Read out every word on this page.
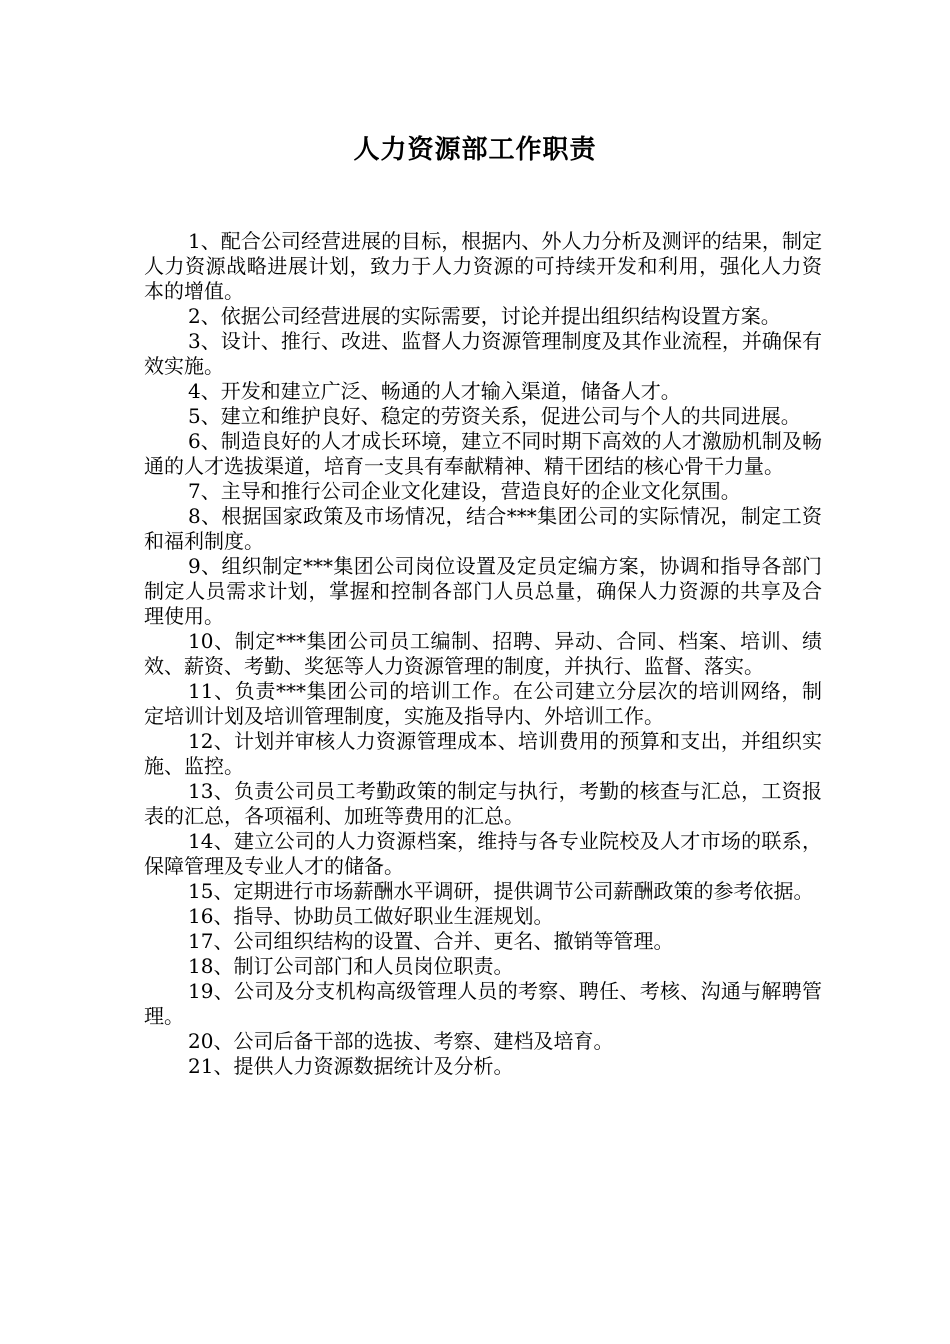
人力资源部工作职责

1、配合公司经营进展的目标，根据内、外人力分析及测评的结果，制定人力资源战略进展计划，致力于人力资源的可持续开发和利用，强化人力资本的增值。

2、依据公司经营进展的实际需要，讨论并提出组织结构设置方案。

3、设计、推行、改进、监督人力资源管理制度及其作业流程，并确保有效实施。

4、开发和建立广泛、畅通的人才输入渠道，储备人才。

5、建立和维护良好、稳定的劳资关系，促进公司与个人的共同进展。

6、制造良好的人才成长环境，建立不同时期下高效的人才激励机制及畅通的人才选拔渠道，培育一支具有奉献精神、精干团结的核心骨干力量。

7、主导和推行公司企业文化建设，营造良好的企业文化氛围。

8、根据国家政策及市场情况，结合***集团公司的实际情况，制定工资和福利制度。

9、组织制定***集团公司岗位设置及定员定编方案，协调和指导各部门制定人员需求计划，掌握和控制各部门人员总量，确保人力资源的共享及合理使用。

10、制定***集团公司员工编制、招聘、异动、合同、档案、培训、绩效、薪资、考勤、奖惩等人力资源管理的制度，并执行、监督、落实。

11、负责***集团公司的培训工作。在公司建立分层次的培训网络，制定培训计划及培训管理制度，实施及指导内、外培训工作。

12、计划并审核人力资源管理成本、培训费用的预算和支出，并组织实施、监控。

13、负责公司员工考勤政策的制定与执行，考勤的核查与汇总，工资报表的汇总，各项福利、加班等费用的汇总。

14、建立公司的人力资源档案，维持与各专业院校及人才市场的联系，保障管理及专业人才的储备。

15、定期进行市场薪酬水平调研，提供调节公司薪酬政策的参考依据。

16、指导、协助员工做好职业生涯规划。

17、公司组织结构的设置、合并、更名、撤销等管理。

18、制订公司部门和人员岗位职责。

19、公司及分支机构高级管理人员的考察、聘任、考核、沟通与解聘管理。

20、公司后备干部的选拔、考察、建档及培育。

21、提供人力资源数据统计及分析。
